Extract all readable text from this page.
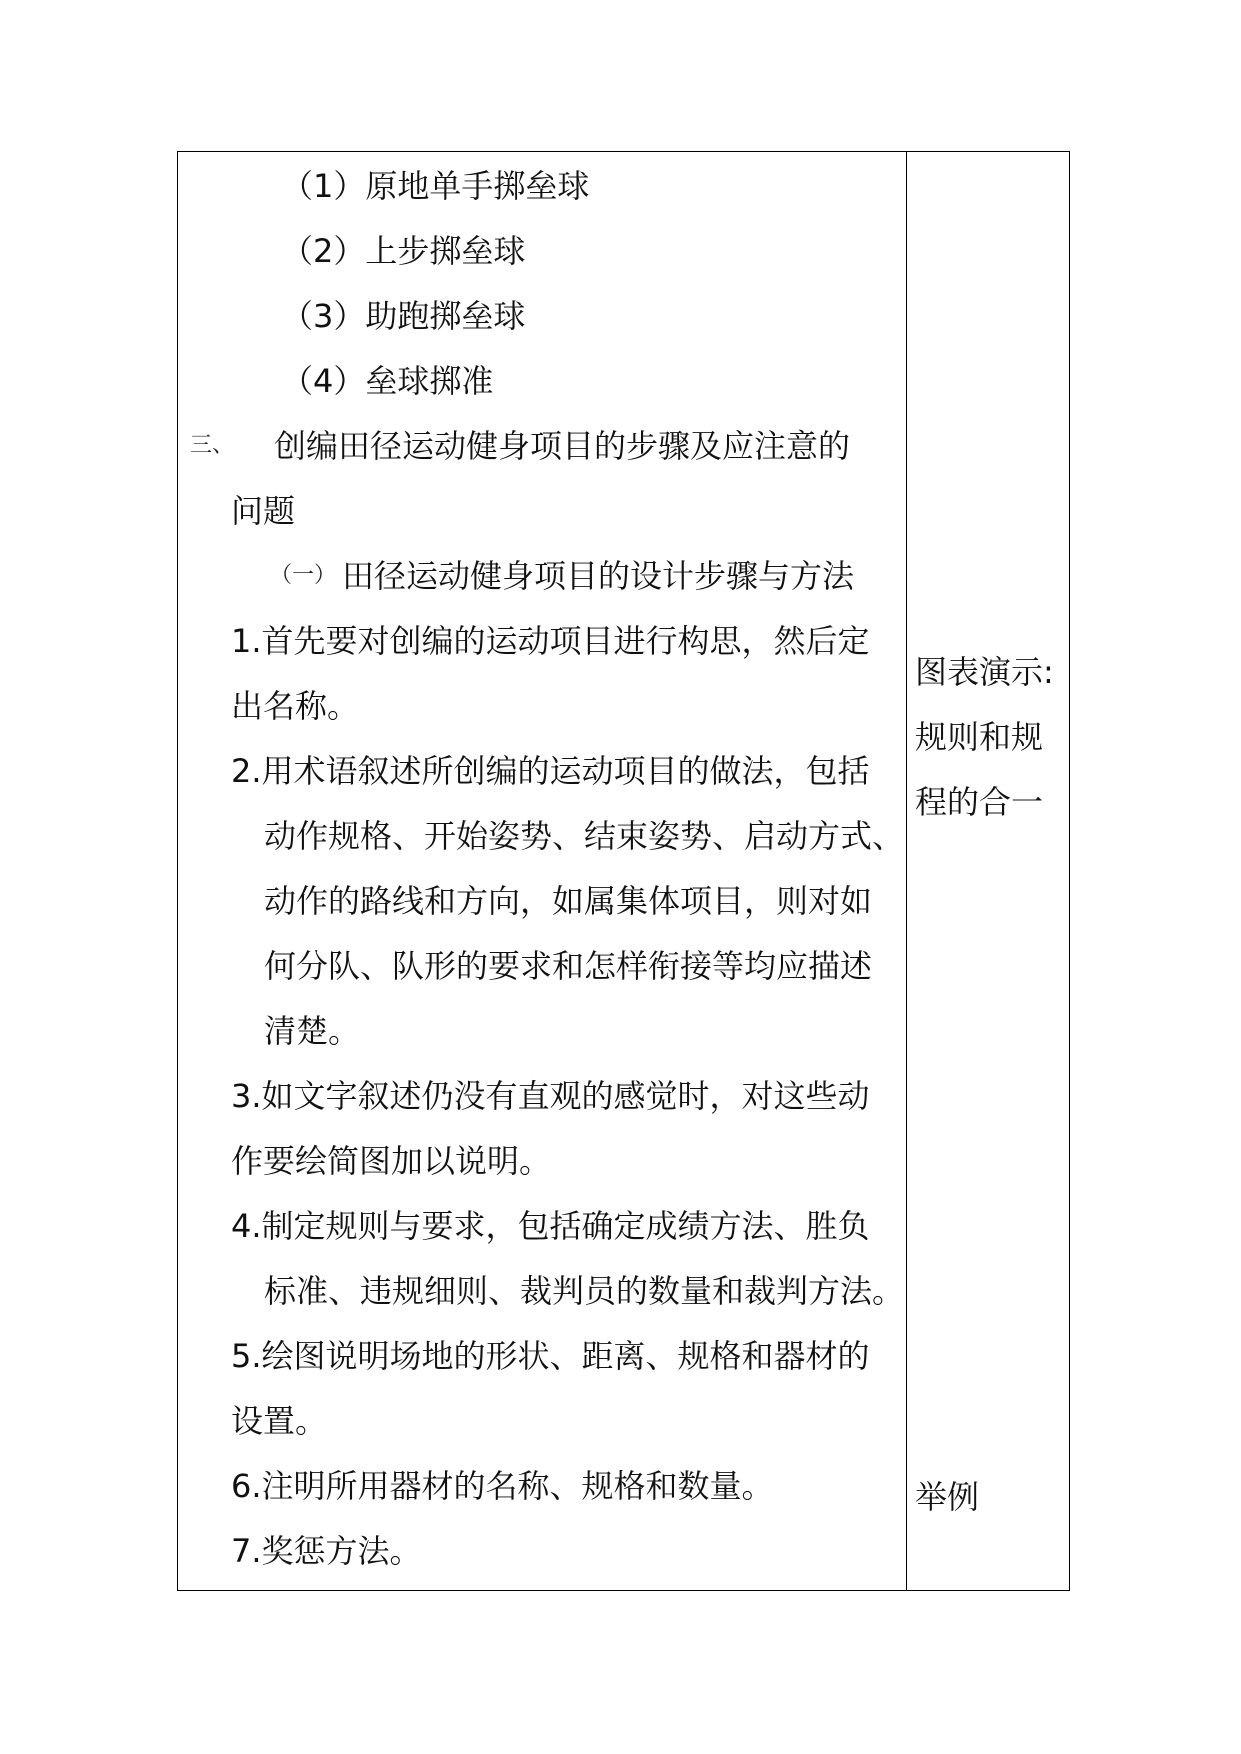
（1）原地单手掷垒球
（2）上步掷垒球
（3）助跑掷垒球
（4）垒球掷准
三、 创编田径运动健身项目的步骤及应注意的
问题
（一） 田径运动健身项目的设计步骤与方法
1.首先要对创编的运动项目进行构思，然后定
出名称。
2.用术语叙述所创编的运动项目的做法，包括
动作规格、开始姿势、结束姿势、启动方式、
动作的路线和方向，如属集体项目，则对如
何分队、队形的要求和怎样衔接等均应描述
清楚。
3.如文字叙述仍没有直观的感觉时，对这些动
作要绘简图加以说明。
4.制定规则与要求，包括确定成绩方法、胜负
标准、违规细则、裁判员的数量和裁判方法。
5.绘图说明场地的形状、距离、规格和器材的
设置。
6.注明所用器材的名称、规格和数量。
7.奖惩方法。
图表演示:
规则和规
程的合一
举例
